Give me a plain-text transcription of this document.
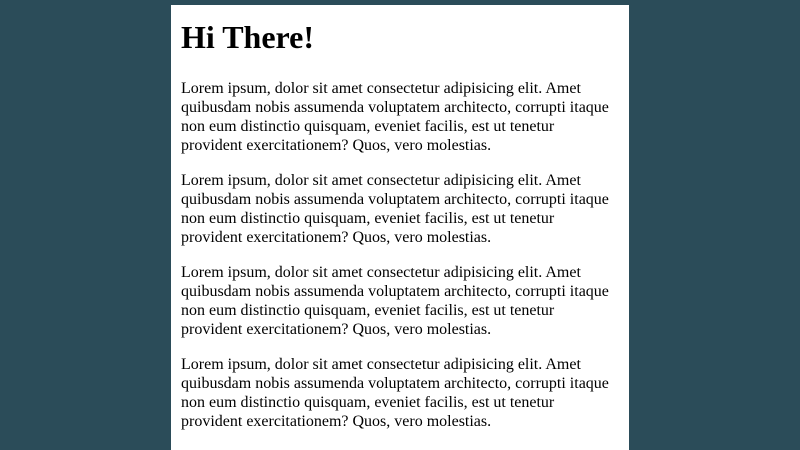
Hi There!

Lorem ipsum, dolor sit amet consectetur adipisicing elit. Amet quibusdam nobis assumenda voluptatem architecto, corrupti itaque non eum distinctio quisquam, eveniet facilis, est ut tenetur provident exercitationem? Quos, vero molestias.

Lorem ipsum, dolor sit amet consectetur adipisicing elit. Amet quibusdam nobis assumenda voluptatem architecto, corrupti itaque non eum distinctio quisquam, eveniet facilis, est ut tenetur provident exercitationem? Quos, vero molestias.

Lorem ipsum, dolor sit amet consectetur adipisicing elit. Amet quibusdam nobis assumenda voluptatem architecto, corrupti itaque non eum distinctio quisquam, eveniet facilis, est ut tenetur provident exercitationem? Quos, vero molestias.

Lorem ipsum, dolor sit amet consectetur adipisicing elit. Amet quibusdam nobis assumenda voluptatem architecto, corrupti itaque non eum distinctio quisquam, eveniet facilis, est ut tenetur provident exercitationem? Quos, vero molestias.
